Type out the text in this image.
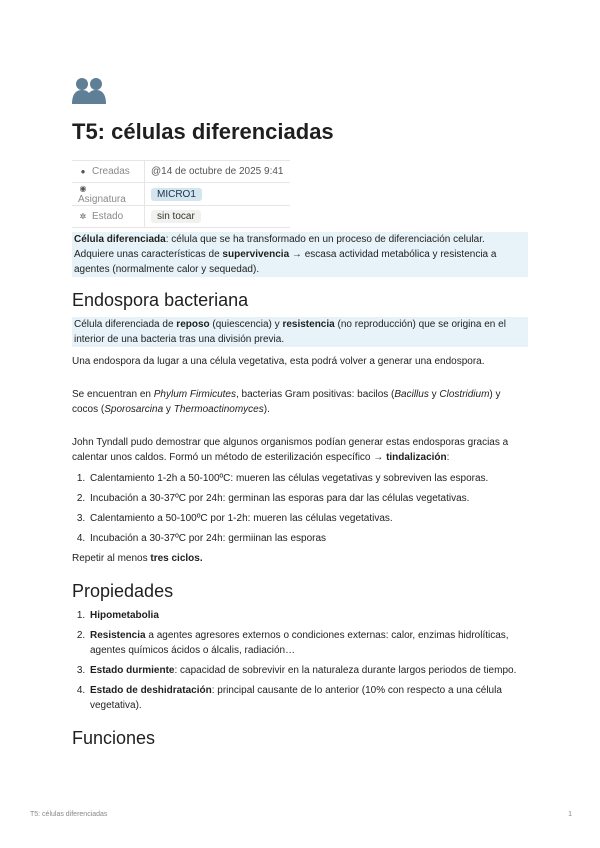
T5: células diferenciadas
● Creadas	@14 de octubre de 2025 9:41
◉Asignatura	MICRO1
✲ Estado	sin tocar

Célula diferenciada: célula que se ha transformado en un proceso de diferenciación celular. Adquiere unas características de supervivencia → escasa actividad metabólica y resistencia a agentes (normalmente calor y sequedad).

Endospora bacteriana

Célula diferenciada de reposo (quiescencia) y resistencia (no reproducción) que se origina en el interior de una bacteria tras una división previa.

Una endospora da lugar a una célula vegetativa, esta podrá volver a generar una endospora.

Se encuentran en Phylum Firmicutes, bacterias Gram positivas: bacilos (Bacillus y Clostridium) y cocos (Sporosarcina y Thermoactinomyces).

John Tyndall pudo demostrar que algunos organismos podían generar estas endosporas gracias a calentar unos caldos. Formó un método de esterilización específico → tindalización:

1. Calentamiento 1-2h a 50-100ºC: mueren las células vegetativas y sobreviven las esporas.
2. Incubación a 30-37ºC por 24h: germinan las esporas para dar las células vegetativas.
3. Calentamiento a 50-100ºC por 1-2h: mueren las células vegetativas.
4. Incubación a 30-37ºC por 24h: germiinan las esporas

Repetir al menos tres ciclos.

Propiedades
1. Hipometabolia
2. Resistencia a agentes agresores externos o condiciones externas: calor, enzimas hidrolíticas, agentes químicos ácidos o álcalis, radiación…
3. Estado durmiente: capacidad de sobrevivir en la naturaleza durante largos periodos de tiempo.
4. Estado de deshidratación: principal causante de lo anterior (10% con respecto a una célula vegetativa).
Funciones
T5: células diferenciadas	1
